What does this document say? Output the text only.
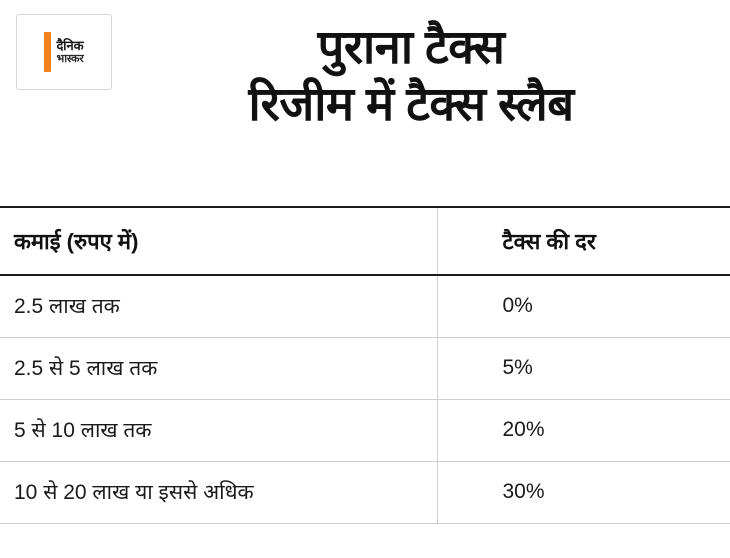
दैनिक
भास्कर	पुराना टैक्स
रिजीम में टैक्स स्लैब
कमाई (रुपए में)	टैक्स की दर
2.5 लाख तक	0%
2.5 से 5 लाख तक	5%
5 से 10 लाख तक	20%
10 से 20 लाख या इससे अधिक	30%
